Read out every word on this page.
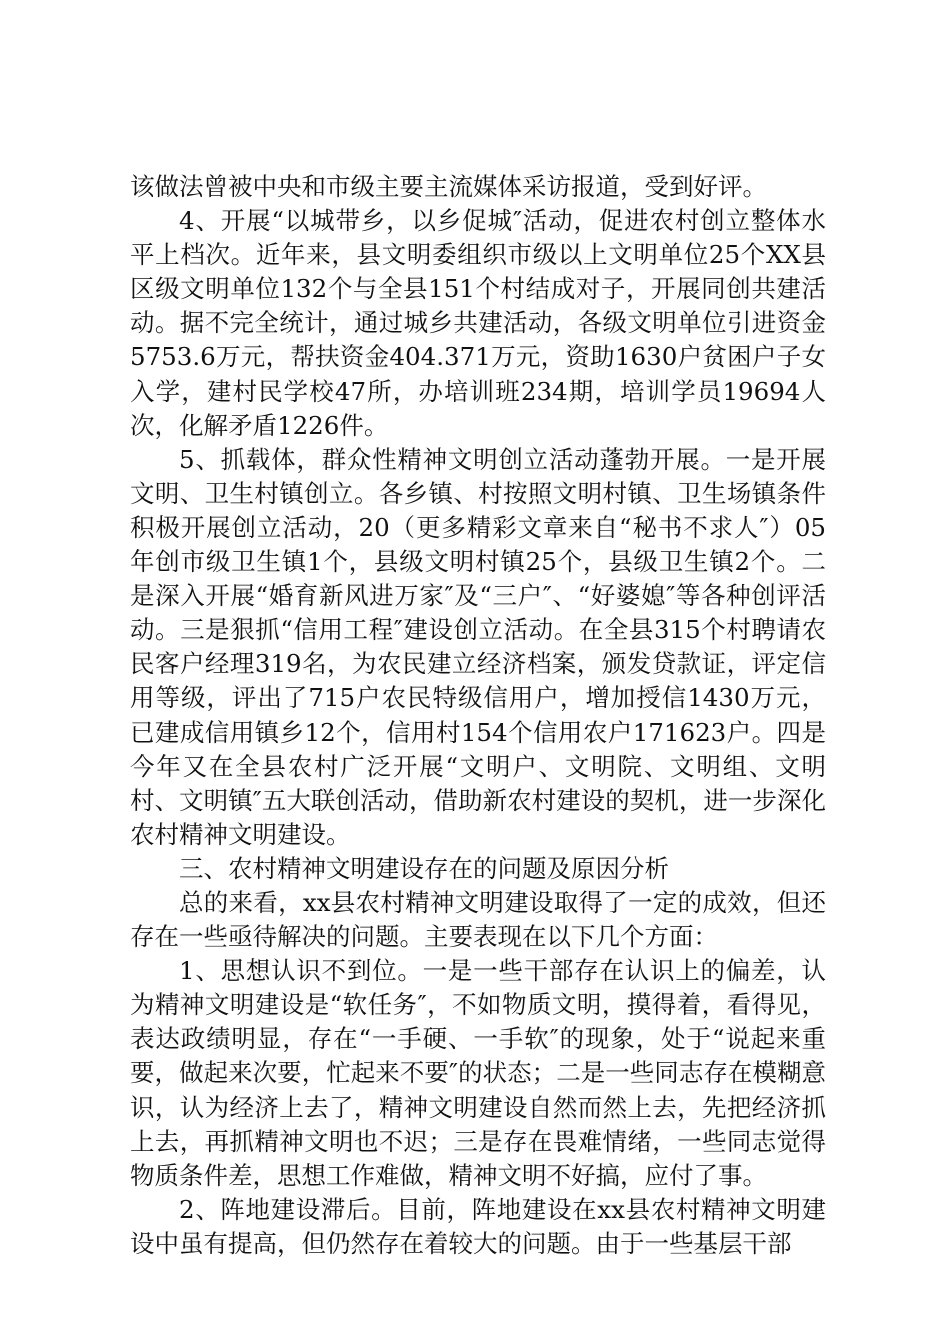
该做法曾被中央和市级主要主流媒体采访报道，受到好评。

4、开展“以城带乡，以乡促城″活动，促进农村创立整体水平上档次。近年来，县文明委组织市级以上文明单位25个XX县区级文明单位132个与全县151个村结成对子，开展同创共建活动。据不完全统计，通过城乡共建活动，各级文明单位引进资金5753.6万元，帮扶资金404.371万元，资助1630户贫困户子女入学，建村民学校47所，办培训班234期，培训学员19694人次，化解矛盾1226件。

5、抓载体，群众性精神文明创立活动蓬勃开展。一是开展文明、卫生村镇创立。各乡镇、村按照文明村镇、卫生场镇条件积极开展创立活动，20（更多精彩文章来自“秘书不求人″）05年创市级卫生镇1个，县级文明村镇25个，县级卫生镇2个。二是深入开展“婚育新风进万家″及“三户″、“好婆媳″等各种创评活动。三是狠抓“信用工程″建设创立活动。在全县315个村聘请农民客户经理319名，为农民建立经济档案，颁发贷款证，评定信用等级，评出了715户农民特级信用户，增加授信1430万元，已建成信用镇乡12个，信用村154个信用农户171623户。四是今年又在全县农村广泛开展“文明户、文明院、文明组、文明村、文明镇″五大联创活动，借助新农村建设的契机，进一步深化农村精神文明建设。

三、农村精神文明建设存在的问题及原因分析

总的来看，xx县农村精神文明建设取得了一定的成效，但还存在一些亟待解决的问题。主要表现在以下几个方面：

1、思想认识不到位。一是一些干部存在认识上的偏差，认为精神文明建设是“软任务″，不如物质文明，摸得着，看得见，表达政绩明显，存在“一手硬、一手软″的现象，处于“说起来重要，做起来次要，忙起来不要″的状态；二是一些同志存在模糊意识，认为经济上去了，精神文明建设自然而然上去，先把经济抓上去，再抓精神文明也不迟；三是存在畏难情绪，一些同志觉得物质条件差，思想工作难做，精神文明不好搞，应付了事。

2、阵地建设滞后。目前，阵地建设在xx县农村精神文明建设中虽有提高，但仍然存在着较大的问题。由于一些基层干部
